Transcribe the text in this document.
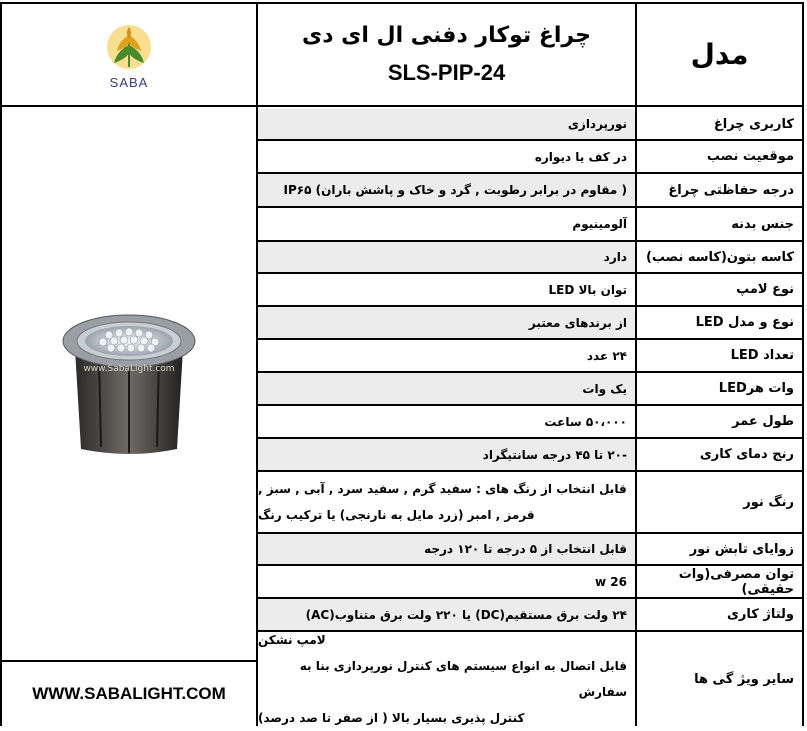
SABA
چراغ توکار دفنی ال ای دی
SLS-PIP-24
مدل
www.SabaLight.com
WWW.SABALIGHT.COM
نورپردازی	کاربری چراغ
در کف یا دیواره	موقعیت نصب
( مقاوم در برابر رطوبت , گرد و خاک و پاشش باران) IP۶۵	درجه حفاظتی چراغ
آلومینیوم	جنس بدنه
دارد	کاسه بتون(کاسه نصب)
توان بالا LED	نوع لامپ
از برندهای معتبر	نوع و مدل LED
۲۴ عدد	تعداد LED
یک وات	وات هرLED
۵۰،۰۰۰ ساعت	طول عمر
-۲۰ تا ۴۵ درجه سانتیگراد	رنج دمای کاری
قابل انتخاب از رنگ های : سفید گرم , سفید سرد , آبی , سبز ,
قرمز , امبر (زرد مایل به نارنجی) یا ترکیب رنگ
رنگ نور
قابل انتخاب از ۵ درجه تا ۱۲۰ درجه	زوایای تابش نور
26 w	توان مصرفی(وات حقیقی)
۲۴ ولت برق مستقیم(DC) یا ۲۲۰ ولت برق متناوب(AC)	ولتاژ کاری
لامپ نشکن
قابل اتصال به انواع سیستم های کنترل نورپردازی بنا به سفارش
کنترل پذیری بسیار بالا ( از صفر تا صد درصد)
سایر ویژ گی ها
